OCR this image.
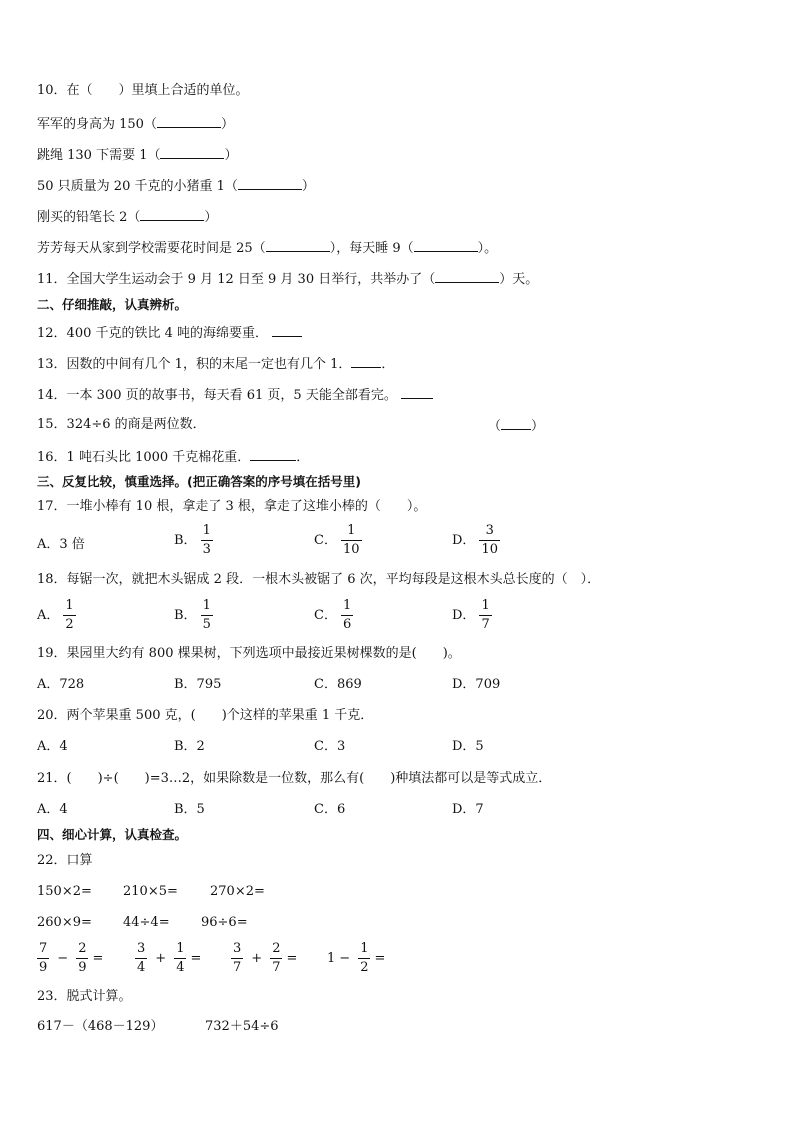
10．在（　　）里填上合适的单位。
军军的身高为 150（	）
跳绳 130 下需要 1（	）
50 只质量为 20 千克的小猪重 1（	）
刚买的铅笔长 2（	）
芳芳每天从家到学校需要花时间是 25（	），每天睡 9（	）。
11．全国大学生运动会于 9 月 12 日至 9 月 30 日举行，共举办了（	）天。
二、仔细推敲，认真辨析。
12．400 千克的铁比 4 吨的海绵要重．
13．因数的中间有几个 1，积的末尾一定也有几个 1． ．
14．一本 300 页的故事书，每天看 61 页，5 天能全部看完。
15．324÷6 的商是两位数．	（ ）
16．1 吨石头比 1000 千克棉花重．	．
三、反复比较，慎重选择。(把正确答案的序号填在括号里)
17．一堆小棒有 10 根，拿走了 3 根，拿走了这堆小棒的（　　）。
A．3 倍	B． $\frac{1}{3}$	C． $\frac{1}{10}$	D． $\frac{3}{10}$
18．每锯一次，就把木头锯成 2 段．一根木头被锯了 6 次，平均每段是这根木头总长度的（　）．
A． $\frac{1}{2}$	B． $\frac{1}{5}$	C． $\frac{1}{6}$	D． $\frac{1}{7}$
19．果园里大约有 800 棵果树，下列选项中最接近果树棵数的是(　　)。
A．728	B．795	C．869	D．709
20．两个苹果重 500 克，(　　)个这样的苹果重 1 千克．
A．4	B．2	C．3	D．5
21．(　　)÷(　　)=3…2，如果除数是一位数，那么有(　　)种填法都可以是等式成立．
A．4	B．5	C．6	D．7
四、细心计算，认真检查。
22．口算
150×2= 210×5= 270×2=
260×9= 44÷4= 96÷6=
$\frac{7}{9} - \frac{2}{9} = \frac{3}{4} + \frac{1}{4} = \frac{3}{7} + \frac{2}{7} = 1 - \frac{1}{2}$ =
23．脱式计算。
617－（468－129）	732＋54÷6
